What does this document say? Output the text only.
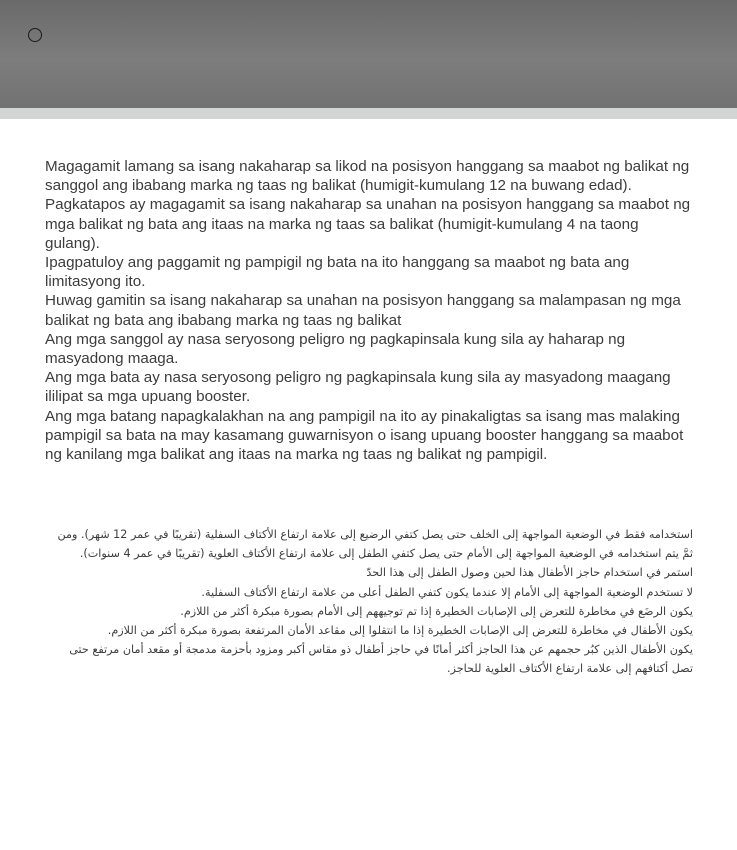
Magagamit lamang sa isang nakaharap sa likod na posisyon hanggang sa maabot ng balikat ng sanggol ang ibabang marka ng taas ng balikat (humigit-kumulang 12 na buwang edad). Pagkatapos ay magagamit sa isang nakaharap sa unahan na posisyon hanggang sa maabot ng mga balikat ng bata ang itaas na marka ng taas sa balikat (humigit-kumulang 4 na taong gulang).

Ipagpatuloy ang paggamit ng pampigil ng bata na ito hanggang sa maabot ng bata ang limitasyong ito.

Huwag gamitin sa isang nakaharap sa unahan na posisyon hanggang sa malampasan ng mga balikat ng bata ang ibabang marka ng taas ng balikat

Ang mga sanggol ay nasa seryosong peligro ng pagkapinsala kung sila ay haharap ng masyadong maaga.

Ang mga bata ay nasa seryosong peligro ng pagkapinsala kung sila ay masyadong maagang ililipat sa mga upuang booster.

Ang mga batang napagkalakhan na ang pampigil na ito ay pinakaligtas sa isang mas malaking pampigil sa bata na may kasamang guwarnisyon o isang upuang booster hanggang sa maabot ng kanilang mga balikat ang itaas na marka ng taas ng balikat ng pampigil.

استخدامه فقط في الوضعية المواجهة إلى الخلف حتى يصل كتفي الرضيع إلى علامة ارتفاع الأكتاف السفلية (تقريبًا في عمر 12 شهر). ومن ثمَّ يتم استخدامه في الوضعية المواجهة إلى الأمام حتى يصل كتفي الطفل إلى علامة ارتفاع الأكتاف العلوية (تقريبًا في عمر 4 سنوات).

استمر في استخدام حاجز الأطفال هذا لحين وصول الطفل إلى هذا الحدّ

لا تستخدم الوضعية المواجهة إلى الأمام إلا عندما يكون كتفي الطفل أعلى من علامة ارتفاع الأكتاف السفلية.

يكون الرضَع في مخاطرة للتعرض إلى الإصابات الخطيرة إذا تم توجيههم إلى الأمام بصورة مبكرة أكثر من اللازم.

يكون الأطفال في مخاطرة للتعرض إلى الإصابات الخطيرة إذا ما انتقلوا إلى مقاعد الأمان المرتفعة بصورة مبكرة أكثر من اللازم.

يكون الأطفال الذين كبُر حجمهم عن هذا الحاجز أكثر أمانًا في حاجز أطفال ذو مقاس أكبر ومزود بأحزمة مدمجة أو مقعد أمان مرتفع حتى تصل أكتافهم إلى علامة ارتفاع الأكتاف العلوية للحاجز.
